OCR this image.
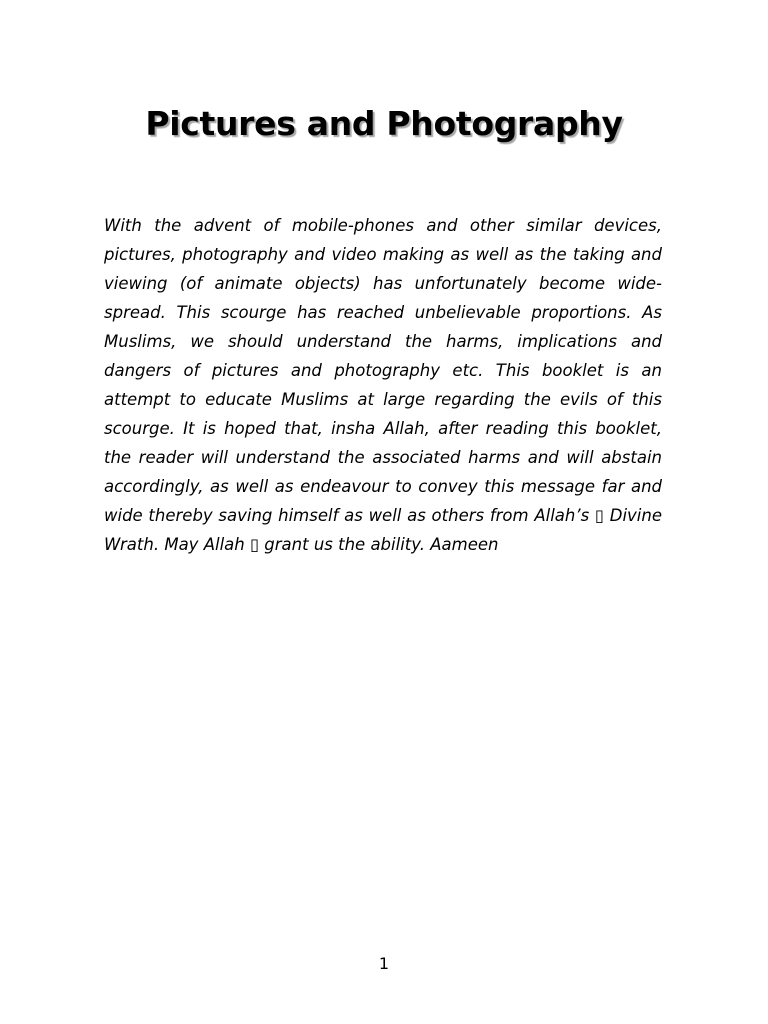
Pictures and Photography

With the advent of mobile-phones and other similar devices, pictures, photography and video making as well as the taking and viewing (of animate objects) has unfortunately become wide-spread. This scourge has reached unbelievable proportions. As Muslims, we should understand the harms, implications and dangers of pictures and photography etc. This booklet is an attempt to educate Muslims at large regarding the evils of this scourge. It is hoped that, insha Allah, after reading this booklet, the reader will understand the associated harms and will abstain accordingly, as well as endeavour to convey this message far and wide thereby saving himself as well as others from Allah’s ▯ Divine Wrath. May Allah ▯ grant us the ability. Aameen

1
